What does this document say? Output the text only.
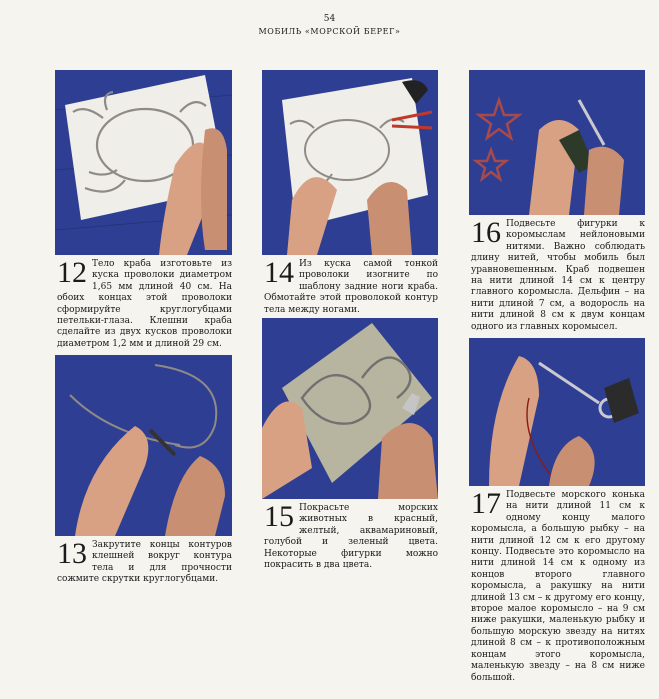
54
МОБИЛЬ «МОРСКОЙ БЕРЕГ»
12 Тело краба изготовьте из куска проволоки диаметром 1,65 мм длиной 40 см. На обоих концах этой проволоки сформируйте круглогубцами петельки-глаза. Клешни краба сделайте из двух кусков проволоки диаметром 1,2 мм и длиной 29 см.
13 Закрутите концы контуров клешней вокруг контура тела и для прочности сожмите скрутки круглогубцами.
14 Из куска самой тонкой проволоки изогните по шаблону задние ноги краба. Обмотайте этой проволокой контур тела между ногами.
15 Покрасьте морских животных в красный, желтый, аквамариновый, голубой и зеленый цвета. Некоторые фигурки можно покрасить в два цвета.
16 Подвесьте фигурки к коромыслам нейлоновыми нитями. Важно соблюдать длину нитей, чтобы мобиль был уравновешенным. Краб подвешен на нити длиной 14 см к центру главного коромысла. Дельфин – на нити длиной 7 см, а водоросль на нити длиной 8 см к двум концам одного из главных коромысел.
17 Подвесьте морского конька на нити длиной 11 см к одному концу малого коромысла, а большую рыбку – на нити длиной 12 см к его другому концу. Подвесьте это коромысло на нити длиной 14 см к одному из концов второго главного коромысла, а ракушку на нити длиной 13 см – к другому его концу, второе малое коромысло – на 9 см ниже ракушки, маленькую рыбку и большую морскую звезду на нитях длиной 8 см – к противоположным концам этого коромысла, маленькую звезду – на 8 см ниже большой.
